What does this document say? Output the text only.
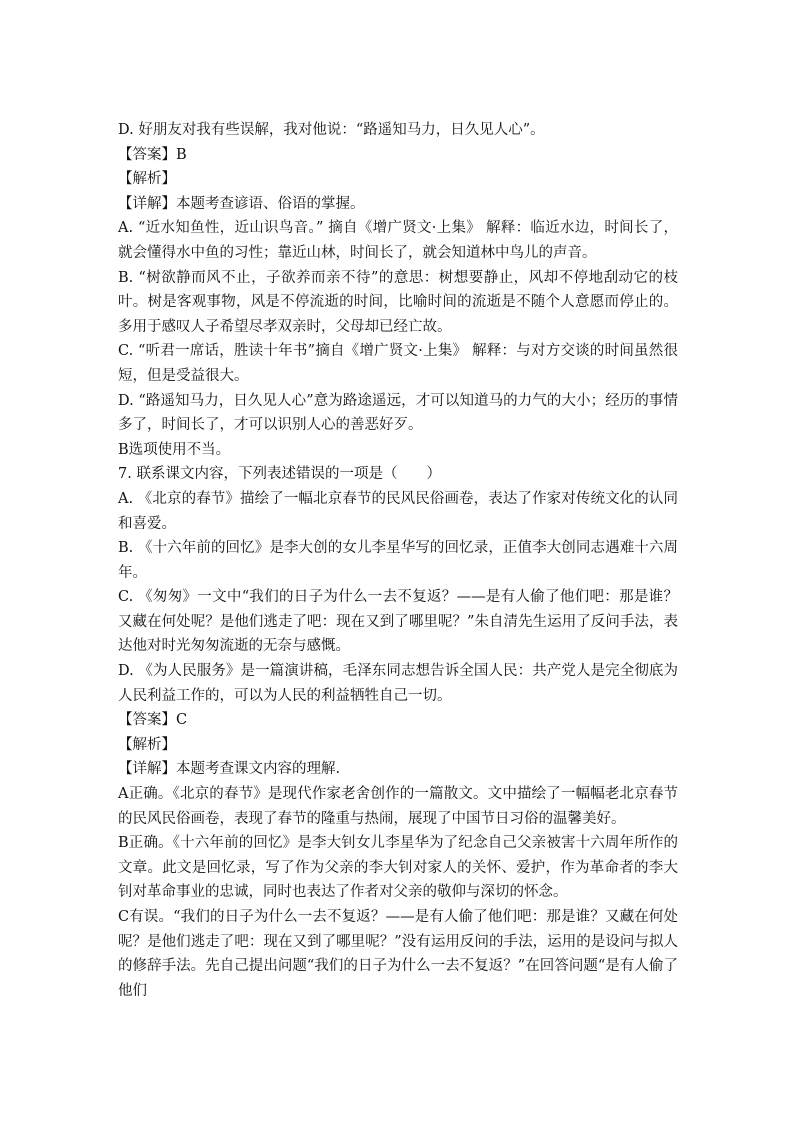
D. 好朋友对我有些误解，我对他说：“路遥知马力，日久见人心”。

【答案】B

【解析】

【详解】本题考查谚语、俗语的掌握。

A. “近水知鱼性，近山识鸟音。” 摘自《增广贤文·上集》 解释：临近水边，时间长了，就会懂得水中鱼的习性；靠近山林，时间长了，就会知道林中鸟儿的声音。

B. “树欲静而风不止，子欲养而亲不待”的意思：树想要静止，风却不停地刮动它的枝叶。树是客观事物，风是不停流逝的时间，比喻时间的流逝是不随个人意愿而停止的。多用于感叹人子希望尽孝双亲时，父母却已经亡故。

C. “听君一席话，胜读十年书”摘自《增广贤文·上集》 解释：与对方交谈的时间虽然很短，但是受益很大。

D. “路遥知马力，日久见人心”意为路途遥远，才可以知道马的力气的大小；经历的事情多了，时间长了，才可以识别人心的善恶好歹。

B选项使用不当。

7. 联系课文内容，下列表述错误的一项是（　　）

A. 《北京的春节》描绘了一幅北京春节的民风民俗画卷，表达了作家对传统文化的认同和喜爱。

B. 《十六年前的回忆》是李大创的女儿李星华写的回忆录，正值李大创同志遇难十六周年。

C. 《匆匆》一文中“我们的日子为什么一去不复返？——是有人偷了他们吧：那是谁？又藏在何处呢？是他们逃走了吧：现在又到了哪里呢？”朱自清先生运用了反问手法，表达他对时光匆匆流逝的无奈与感慨。

D. 《为人民服务》是一篇演讲稿，毛泽东同志想告诉全国人民：共产党人是完全彻底为人民利益工作的，可以为人民的利益牺牲自己一切。

【答案】C

【解析】

【详解】本题考查课文内容的理解.

A正确。《北京的春节》是现代作家老舍创作的一篇散文。文中描绘了一幅幅老北京春节的民风民俗画卷，表现了春节的隆重与热闹，展现了中国节日习俗的温馨美好。

B正确。《十六年前的回忆》是李大钊女儿李星华为了纪念自己父亲被害十六周年所作的文章。此文是回忆录，写了作为父亲的李大钊对家人的关怀、爱护，作为革命者的李大钊对革命事业的忠诚，同时也表达了作者对父亲的敬仰与深切的怀念。

C有误。“我们的日子为什么一去不复返？——是有人偷了他们吧：那是谁？又藏在何处呢？是他们逃走了吧：现在又到了哪里呢？”没有运用反问的手法，运用的是设问与拟人的修辞手法。先自己提出问题“我们的日子为什么一去不复返？”在回答问题“是有人偷了他们
